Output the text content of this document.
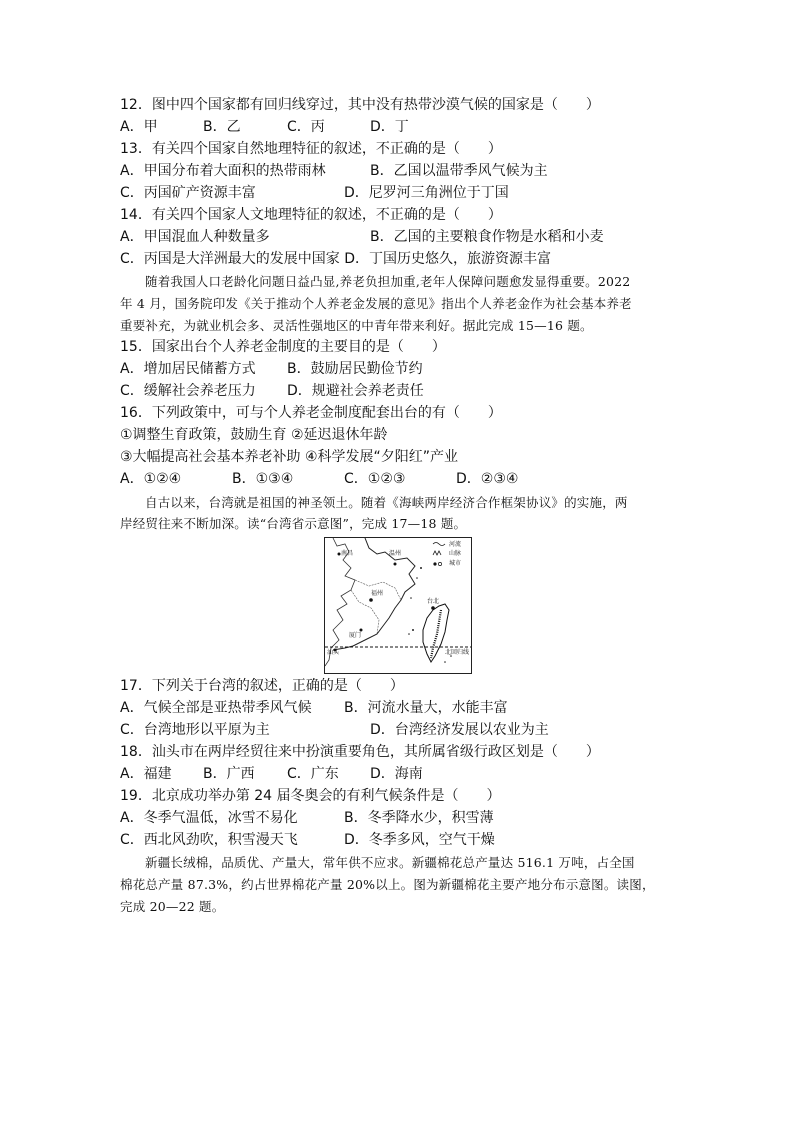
12．图中四个国家都有回归线穿过，其中没有热带沙漠气候的国家是（　　）
A．甲	B．乙	C．丙	D．丁
13．有关四个国家自然地理特征的叙述，不正确的是（　　）
A．甲国分布着大面积的热带雨林	B．乙国以温带季风气候为主
C．丙国矿产资源丰富	D．尼罗河三角洲位于丁国
14．有关四个国家人文地理特征的叙述，不正确的是（　　）
A．甲国混血人种数量多	B．乙国的主要粮食作物是水稻和小麦
C．丙国是大洋洲最大的发展中国家 D．丁国历史悠久，旅游资源丰富
随着我国人口老龄化问题日益凸显,养老负担加重,老年人保障问题愈发显得重要。2022
年 4 月，国务院印发《关于推动个人养老金发展的意见》指出个人养老金作为社会基本养老
重要补充，为就业机会多、灵活性强地区的中青年带来利好。据此完成 15—16 题。
15．国家出台个人养老金制度的主要目的是（　　）
A．增加居民储蓄方式 B．鼓励居民勤俭节约
C．缓解社会养老压力 D．规避社会养老责任
16．下列政策中，可与个人养老金制度配套出台的有（　　）
①调整生育政策，鼓励生育 ②延迟退休年龄
③大幅提高社会基本养老补助 ④科学发展“夕阳红”产业
A．①②④	B．①③④	C．①②③	D．②③④
自古以来，台湾就是祖国的神圣领土。随着《海峡两岸经济合作框架协议》的实施，两
岸经贸往来不断加深。读“台湾省示意图”，完成 17—18 题。
南昌	温州
福州
厦门
汕头
台北
北回归线
河流
山脉
城市
17．下列关于台湾的叙述，正确的是（　　）
A．气候全部是亚热带季风气候 B．河流水量大，水能丰富
C．台湾地形以平原为主	D．台湾经济发展以农业为主
18．汕头市在两岸经贸往来中扮演重要角色，其所属省级行政区划是（　　）
A．福建 B．广西 C．广东 D．海南
19．北京成功举办第 24 届冬奥会的有利气候条件是（　　）
A．冬季气温低，冰雪不易化	B．冬季降水少，积雪薄
C．西北风劲吹，积雪漫天飞	D．冬季多风，空气干燥
新疆长绒棉，品质优、产量大，常年供不应求。新疆棉花总产量达 516.1 万吨，占全国
棉花总产量 87.3%，约占世界棉花产量 20%以上。图为新疆棉花主要产地分布示意图。读图，
完成 20—22 题。
